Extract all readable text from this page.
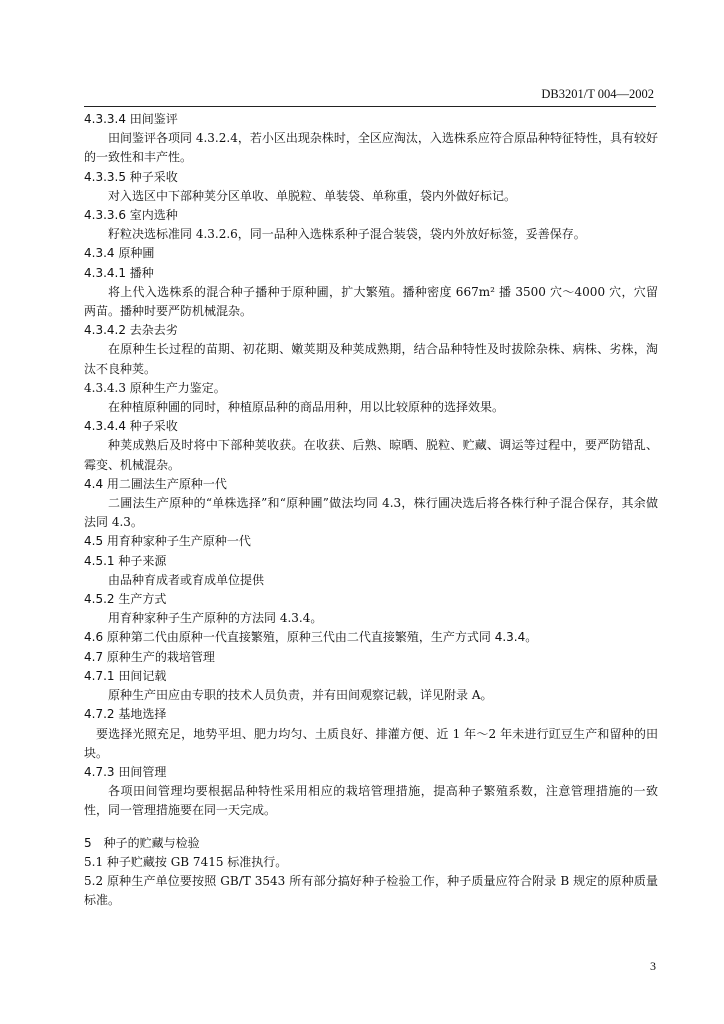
DB3201/T 004—2002
4.3.3.4 田间鉴评
田间鉴评各项同 4.3.2.4，若小区出现杂株时，全区应淘汰，入选株系应符合原品种特征特性，具有较好的一致性和丰产性。
4.3.3.5 种子采收
对入选区中下部种荚分区单收、单脱粒、单装袋、单称重，袋内外做好标记。
4.3.3.6 室内选种
籽粒决选标准同 4.3.2.6，同一品种入选株系种子混合装袋，袋内外放好标签，妥善保存。
4.3.4 原种圃
4.3.4.1 播种
将上代入选株系的混合种子播种于原种圃，扩大繁殖。播种密度 667m² 播 3500 穴～4000 穴，穴留两苗。播种时要严防机械混杂。
4.3.4.2 去杂去劣
在原种生长过程的苗期、初花期、嫩荚期及种荚成熟期，结合品种特性及时拔除杂株、病株、劣株，淘汰不良种荚。
4.3.4.3 原种生产力鉴定。
在种植原种圃的同时，种植原品种的商品用种，用以比较原种的选择效果。
4.3.4.4 种子采收
种荚成熟后及时将中下部种荚收获。在收获、后熟、晾晒、脱粒、贮藏、调运等过程中，要严防错乱、霉变、机械混杂。
4.4 用二圃法生产原种一代
二圃法生产原种的“单株选择”和“原种圃”做法均同 4.3，株行圃决选后将各株行种子混合保存，其余做法同 4.3。
4.5 用育种家种子生产原种一代
4.5.1 种子来源
由品种育成者或育成单位提供
4.5.2 生产方式
用育种家种子生产原种的方法同 4.3.4。
4.6 原种第二代由原种一代直接繁殖，原种三代由二代直接繁殖，生产方式同 4.3.4。
4.7 原种生产的栽培管理
4.7.1 田间记载
原种生产田应由专职的技术人员负责，并有田间观察记载，详见附录 A。
4.7.2 基地选择
要选择光照充足，地势平坦、肥力均匀、土质良好、排灌方便、近 1 年～2 年未进行豇豆生产和留种的田块。
4.7.3 田间管理
各项田间管理均要根据品种特性采用相应的栽培管理措施，提高种子繁殖系数，注意管理措施的一致性，同一管理措施要在同一天完成。
5　种子的贮藏与检验
5.1 种子贮藏按 GB 7415 标准执行。
5.2 原种生产单位要按照 GB/T 3543 所有部分搞好种子检验工作，种子质量应符合附录 B 规定的原种质量标准。
3
